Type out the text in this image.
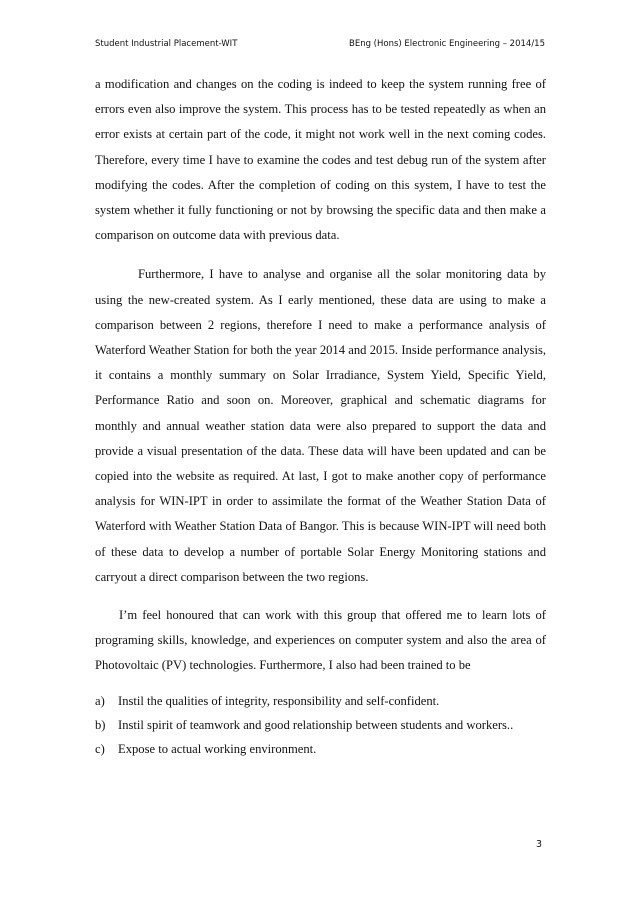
Student Industrial Placement-WIT	BEng (Hons) Electronic Engineering – 2014/15

a modification and changes on the coding is indeed to keep the system running free of errors even also improve the system. This process has to be tested repeatedly as when an error exists at certain part of the code, it might not work well in the next coming codes. Therefore, every time I have to examine the codes and test debug run of the system after modifying the codes. After the completion of coding on this system, I have to test the system whether it fully functioning or not by browsing the specific data and then make a comparison on outcome data with previous data.

Furthermore, I have to analyse and organise all the solar monitoring data by using the new-created system. As I early mentioned, these data are using to make a comparison between 2 regions, therefore I need to make a performance analysis of Waterford Weather Station for both the year 2014 and 2015. Inside performance analysis, it contains a monthly summary on Solar Irradiance, System Yield, Specific Yield, Performance Ratio and soon on. Moreover, graphical and schematic diagrams for monthly and annual weather station data were also prepared to support the data and provide a visual presentation of the data. These data will have been updated and can be copied into the website as required. At last, I got to make another copy of performance analysis for WIN-IPT in order to assimilate the format of the Weather Station Data of Waterford with Weather Station Data of Bangor. This is because WIN-IPT will need both of these data to develop a number of portable Solar Energy Monitoring stations and carryout a direct comparison between the two regions.

I’m feel honoured that can work with this group that offered me to learn lots of programing skills, knowledge, and experiences on computer system and also the area of Photovoltaic (PV) technologies. Furthermore, I also had been trained to be

a) Instil the qualities of integrity, responsibility and self-confident.
b) Instil spirit of teamwork and good relationship between students and workers..
c) Expose to actual working environment.
3
